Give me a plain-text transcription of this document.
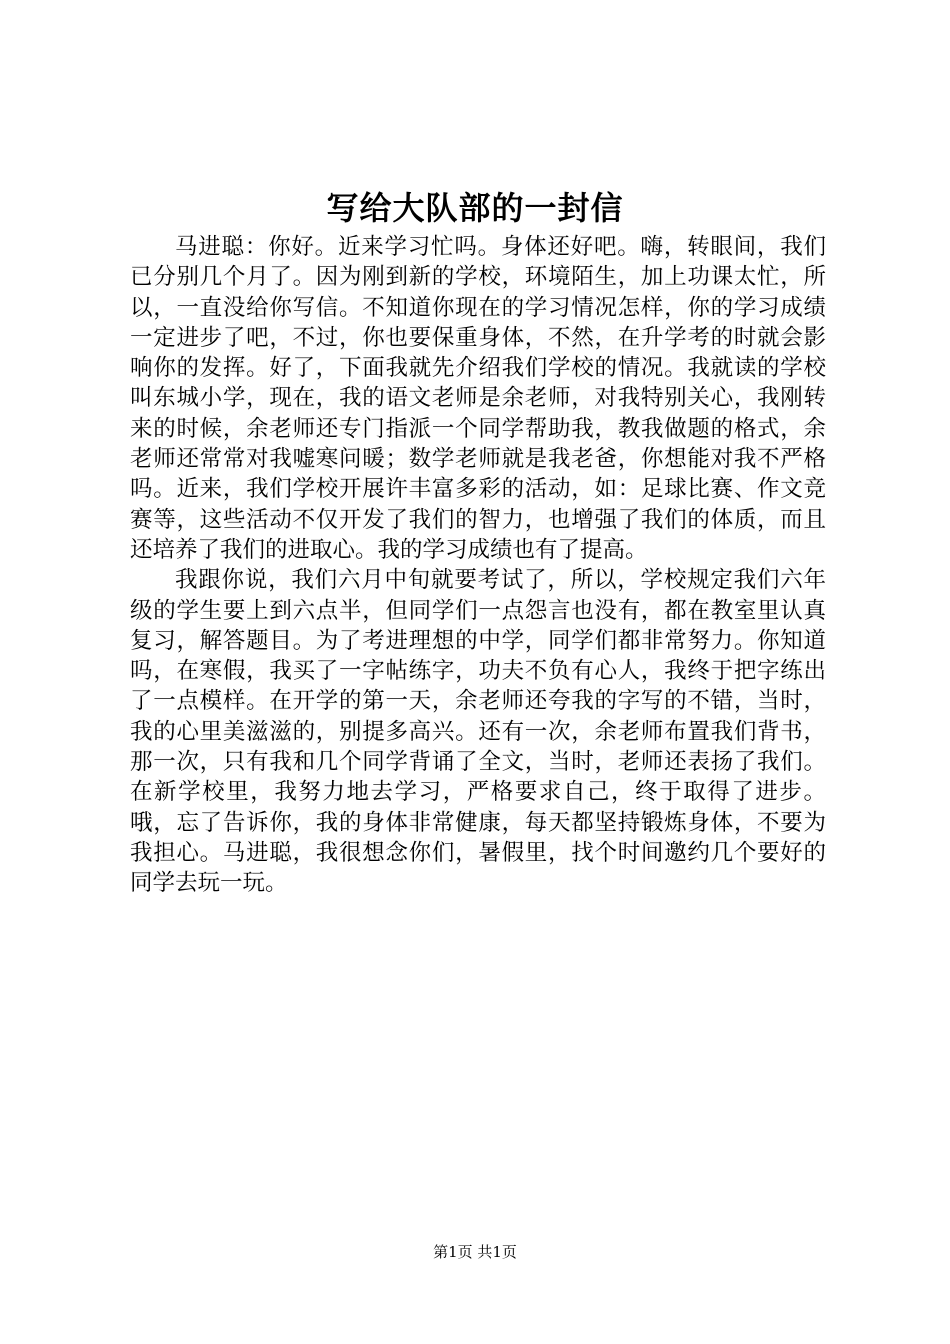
写给大队部的一封信

马进聪：你好。近来学习忙吗。身体还好吧。嗨，转眼间，我们已分别几个月了。因为刚到新的学校，环境陌生，加上功课太忙，所以，一直没给你写信。不知道你现在的学习情况怎样，你的学习成绩一定进步了吧，不过，你也要保重身体，不然，在升学考的时就会影响你的发挥。好了，下面我就先介绍我们学校的情况。我就读的学校叫东城小学，现在，我的语文老师是余老师，对我特别关心，我刚转来的时候，余老师还专门指派一个同学帮助我，教我做题的格式，余老师还常常对我嘘寒问暖；数学老师就是我老爸，你想能对我不严格吗。近来，我们学校开展许丰富多彩的活动，如：足球比赛、作文竞赛等，这些活动不仅开发了我们的智力，也增强了我们的体质，而且还培养了我们的进取心。我的学习成绩也有了提高。

我跟你说，我们六月中旬就要考试了，所以，学校规定我们六年级的学生要上到六点半，但同学们一点怨言也没有，都在教室里认真复习，解答题目。为了考进理想的中学，同学们都非常努力。你知道吗，在寒假，我买了一字帖练字，功夫不负有心人，我终于把字练出了一点模样。在开学的第一天，余老师还夸我的字写的不错，当时，我的心里美滋滋的，别提多高兴。还有一次，余老师布置我们背书，那一次，只有我和几个同学背诵了全文，当时，老师还表扬了我们。在新学校里，我努力地去学习，严格要求自己，终于取得了进步。哦，忘了告诉你，我的身体非常健康，每天都坚持锻炼身体，不要为我担心。马进聪，我很想念你们，暑假里，找个时间邀约几个要好的同学去玩一玩。

第1页 共1页
